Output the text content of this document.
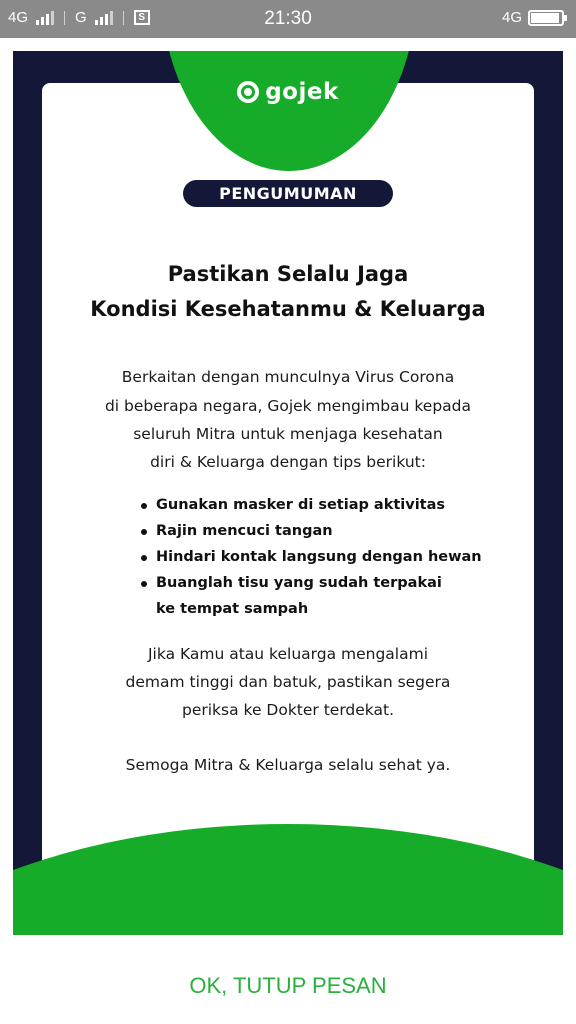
4G	G	S	21:30	4G
gojek
PENGUMUMAN
Pastikan Selalu Jaga
Kondisi Kesehatanmu & Keluarga
Berkaitan dengan munculnya Virus Corona
di beberapa negara, Gojek mengimbau kepada
seluruh Mitra untuk menjaga kesehatan
diri & Keluarga dengan tips berikut:
Gunakan masker di setiap aktivitas
Rajin mencuci tangan
Hindari kontak langsung dengan hewan
Buanglah tisu yang sudah terpakai
ke tempat sampah
Jika Kamu atau keluarga mengalami
demam tinggi dan batuk, pastikan segera
periksa ke Dokter terdekat.
Semoga Mitra & Keluarga selalu sehat ya.
OK, TUTUP PESAN
